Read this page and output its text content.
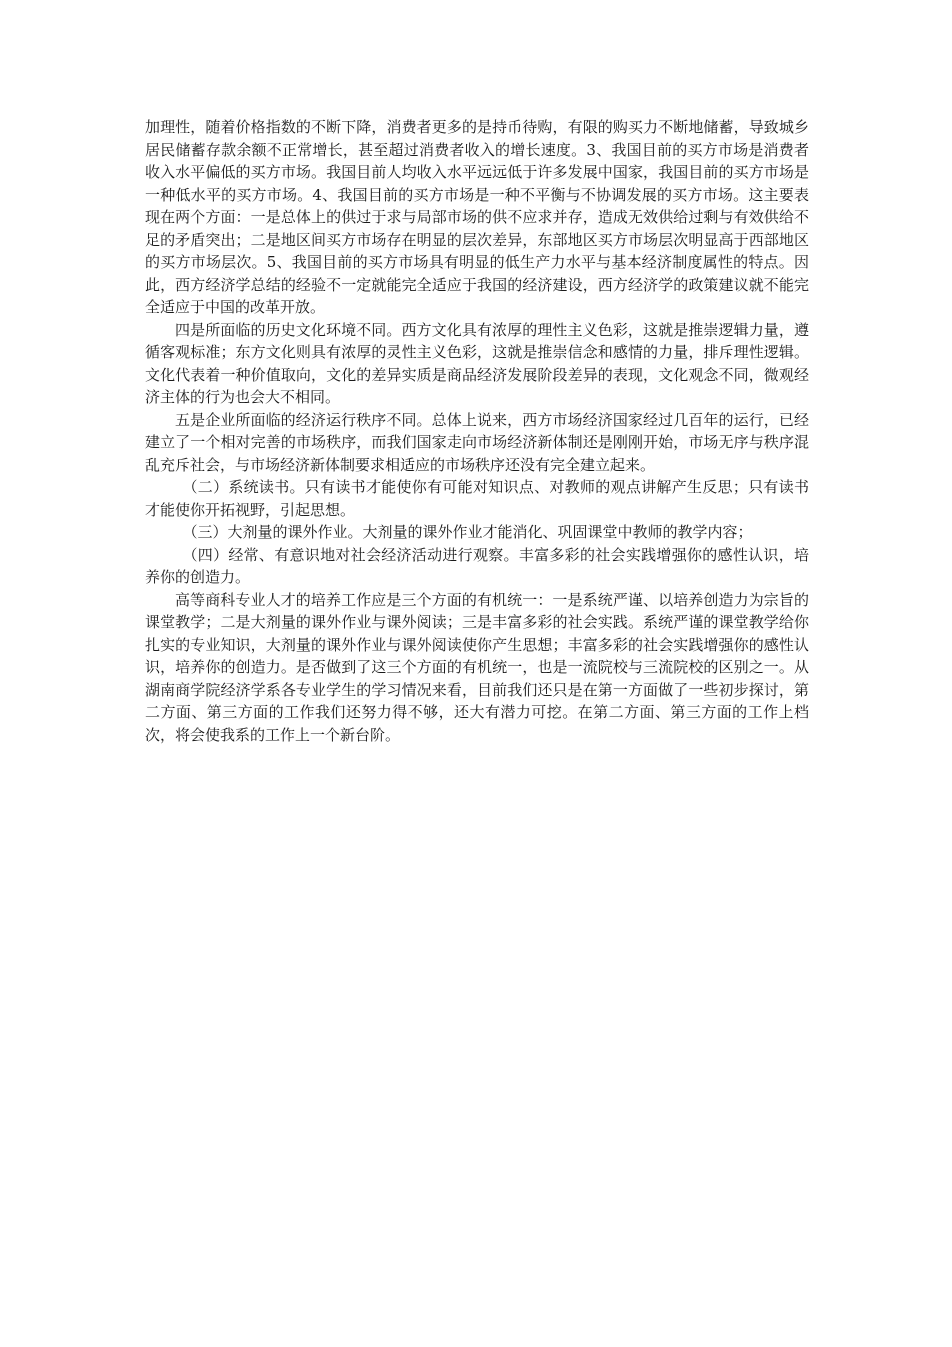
加理性，随着价格指数的不断下降，消费者更多的是持币待购，有限的购买力不断地储蓄，导致城乡居民储蓄存款余额不正常增长，甚至超过消费者收入的增长速度。3、我国目前的买方市场是消费者收入水平偏低的买方市场。我国目前人均收入水平远远低于许多发展中国家，我国目前的买方市场是一种低水平的买方市场。4、我国目前的买方市场是一种不平衡与不协调发展的买方市场。这主要表现在两个方面：一是总体上的供过于求与局部市场的供不应求并存，造成无效供给过剩与有效供给不足的矛盾突出；二是地区间买方市场存在明显的层次差异，东部地区买方市场层次明显高于西部地区的买方市场层次。5、我国目前的买方市场具有明显的低生产力水平与基本经济制度属性的特点。因此，西方经济学总结的经验不一定就能完全适应于我国的经济建设，西方经济学的政策建议就不能完全适应于中国的改革开放。

四是所面临的历史文化环境不同。西方文化具有浓厚的理性主义色彩，这就是推崇逻辑力量，遵循客观标准；东方文化则具有浓厚的灵性主义色彩，这就是推崇信念和感情的力量，排斥理性逻辑。文化代表着一种价值取向，文化的差异实质是商品经济发展阶段差异的表现，文化观念不同，微观经济主体的行为也会大不相同。

五是企业所面临的经济运行秩序不同。总体上说来，西方市场经济国家经过几百年的运行，已经建立了一个相对完善的市场秩序，而我们国家走向市场经济新体制还是刚刚开始，市场无序与秩序混乱充斥社会，与市场经济新体制要求相适应的市场秩序还没有完全建立起来。

（二）系统读书。只有读书才能使你有可能对知识点、对教师的观点讲解产生反思；只有读书才能使你开拓视野，引起思想。

（三）大剂量的课外作业。大剂量的课外作业才能消化、巩固课堂中教师的教学内容；

（四）经常、有意识地对社会经济活动进行观察。丰富多彩的社会实践增强你的感性认识，培养你的创造力。

高等商科专业人才的培养工作应是三个方面的有机统一：一是系统严谨、以培养创造力为宗旨的课堂教学；二是大剂量的课外作业与课外阅读；三是丰富多彩的社会实践。系统严谨的课堂教学给你扎实的专业知识，大剂量的课外作业与课外阅读使你产生思想；丰富多彩的社会实践增强你的感性认识，培养你的创造力。是否做到了这三个方面的有机统一，也是一流院校与三流院校的区别之一。从湖南商学院经济学系各专业学生的学习情况来看，目前我们还只是在第一方面做了一些初步探讨，第二方面、第三方面的工作我们还努力得不够，还大有潜力可挖。在第二方面、第三方面的工作上档次，将会使我系的工作上一个新台阶。
